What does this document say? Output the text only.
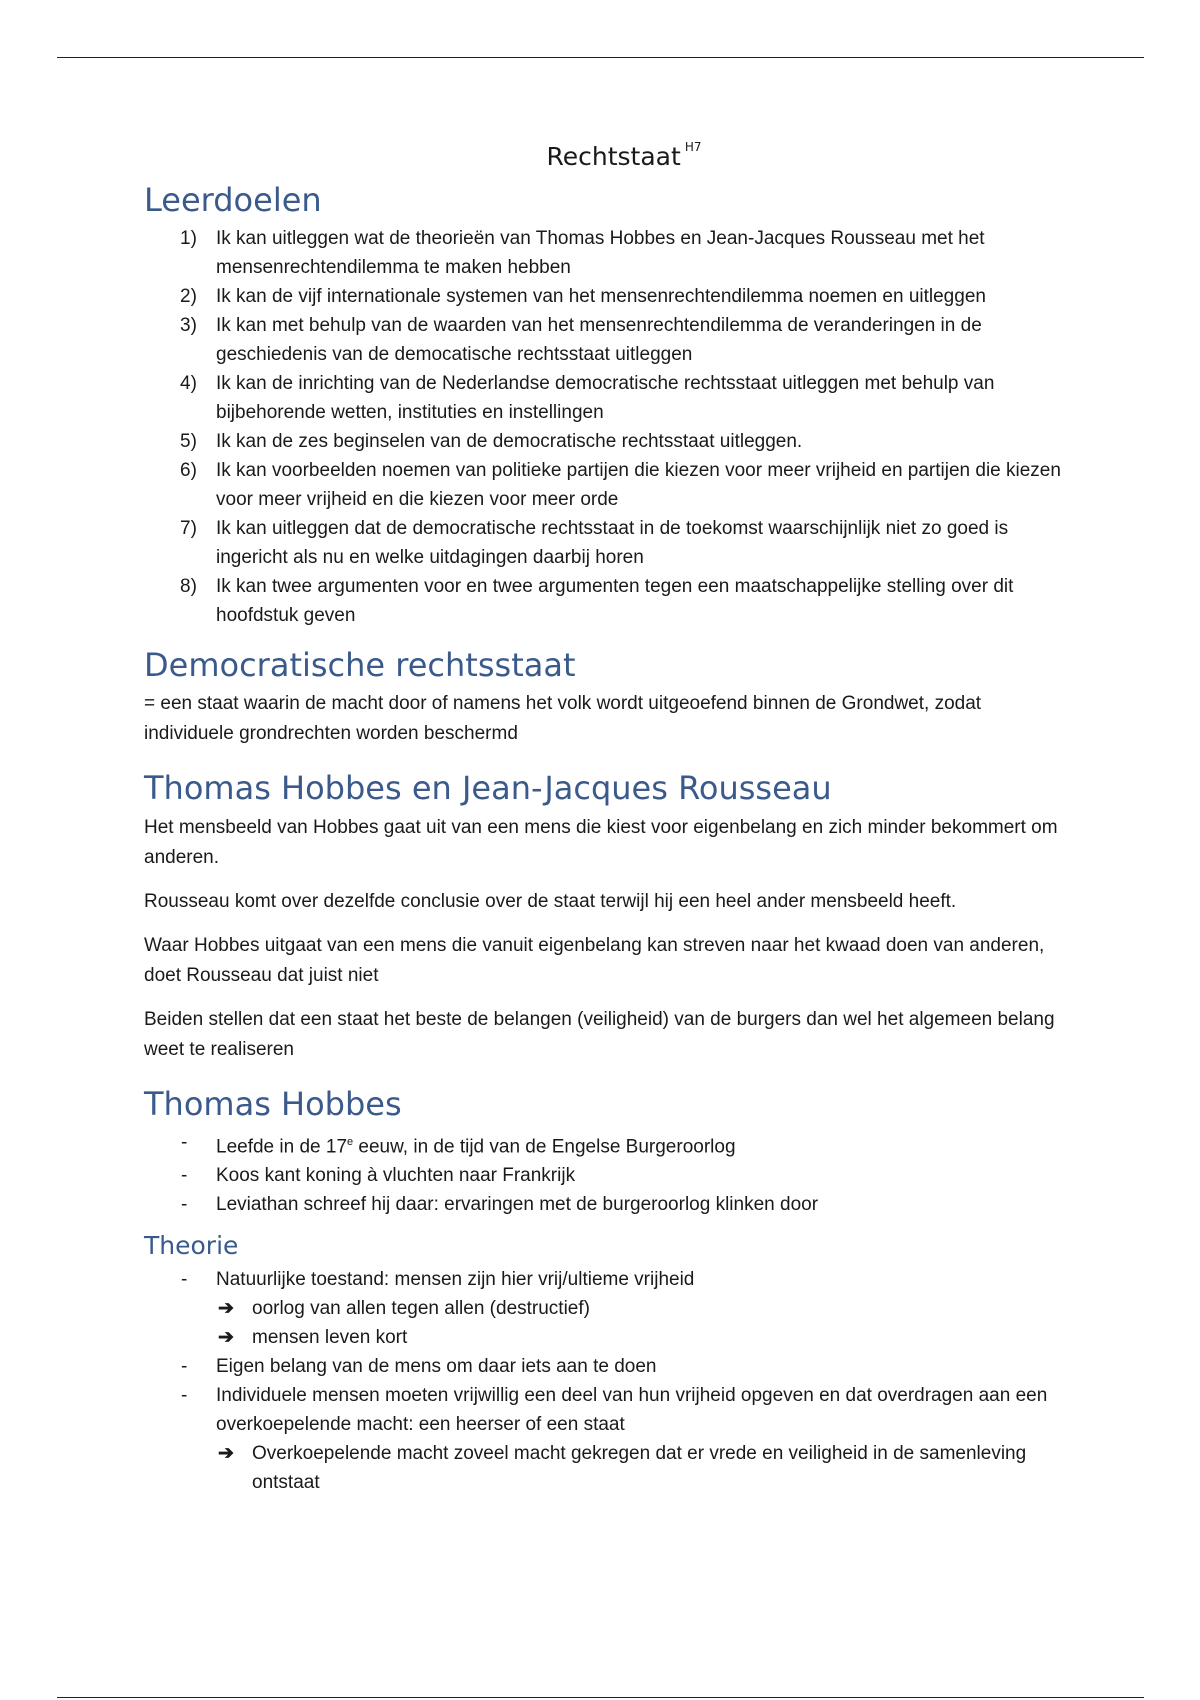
Rechtstaat $^{H7}$
Leerdoelen
1) Ik kan uitleggen wat de theorieën van Thomas Hobbes en Jean-Jacques Rousseau met het mensenrechtendilemma te maken hebben
2) Ik kan de vijf internationale systemen van het mensenrechtendilemma noemen en uitleggen
3) Ik kan met behulp van de waarden van het mensenrechtendilemma de veranderingen in de geschiedenis van de democatische rechtsstaat uitleggen
4) Ik kan de inrichting van de Nederlandse democratische rechtsstaat uitleggen met behulp van bijbehorende wetten, instituties en instellingen
5) Ik kan de zes beginselen van de democratische rechtsstaat uitleggen.
6) Ik kan voorbeelden noemen van politieke partijen die kiezen voor meer vrijheid en partijen die kiezen voor meer vrijheid en die kiezen voor meer orde
7) Ik kan uitleggen dat de democratische rechtsstaat in de toekomst waarschijnlijk niet zo goed is ingericht als nu en welke uitdagingen daarbij horen
8) Ik kan twee argumenten voor en twee argumenten tegen een maatschappelijke stelling over dit hoofdstuk geven
Democratische rechtsstaat

= een staat waarin de macht door of namens het volk wordt uitgeoefend binnen de Grondwet, zodat individuele grondrechten worden beschermd

Thomas Hobbes en Jean-Jacques Rousseau

Het mensbeeld van Hobbes gaat uit van een mens die kiest voor eigenbelang en zich minder bekommert om anderen.

Rousseau komt over dezelfde conclusie over de staat terwijl hij een heel ander mensbeeld heeft.

Waar Hobbes uitgaat van een mens die vanuit eigenbelang kan streven naar het kwaad doen van anderen, doet Rousseau dat juist niet

Beiden stellen dat een staat het beste de belangen (veiligheid) van de burgers dan wel het algemeen belang weet te realiseren

Thomas Hobbes
- Leefde in de 17e eeuw, in de tijd van de Engelse Burgeroorlog
- Koos kant koning à vluchten naar Frankrijk
- Leviathan schreef hij daar: ervaringen met de burgeroorlog klinken door
Theorie
- Natuurlijke toestand: mensen zijn hier vrij/ultieme vrijheid
➔ oorlog van allen tegen allen (destructief)
➔ mensen leven kort
- Eigen belang van de mens om daar iets aan te doen
- Individuele mensen moeten vrijwillig een deel van hun vrijheid opgeven en dat overdragen aan een overkoepelende macht: een heerser of een staat
➔ Overkoepelende macht zoveel macht gekregen dat er vrede en veiligheid in de samenleving ontstaat
